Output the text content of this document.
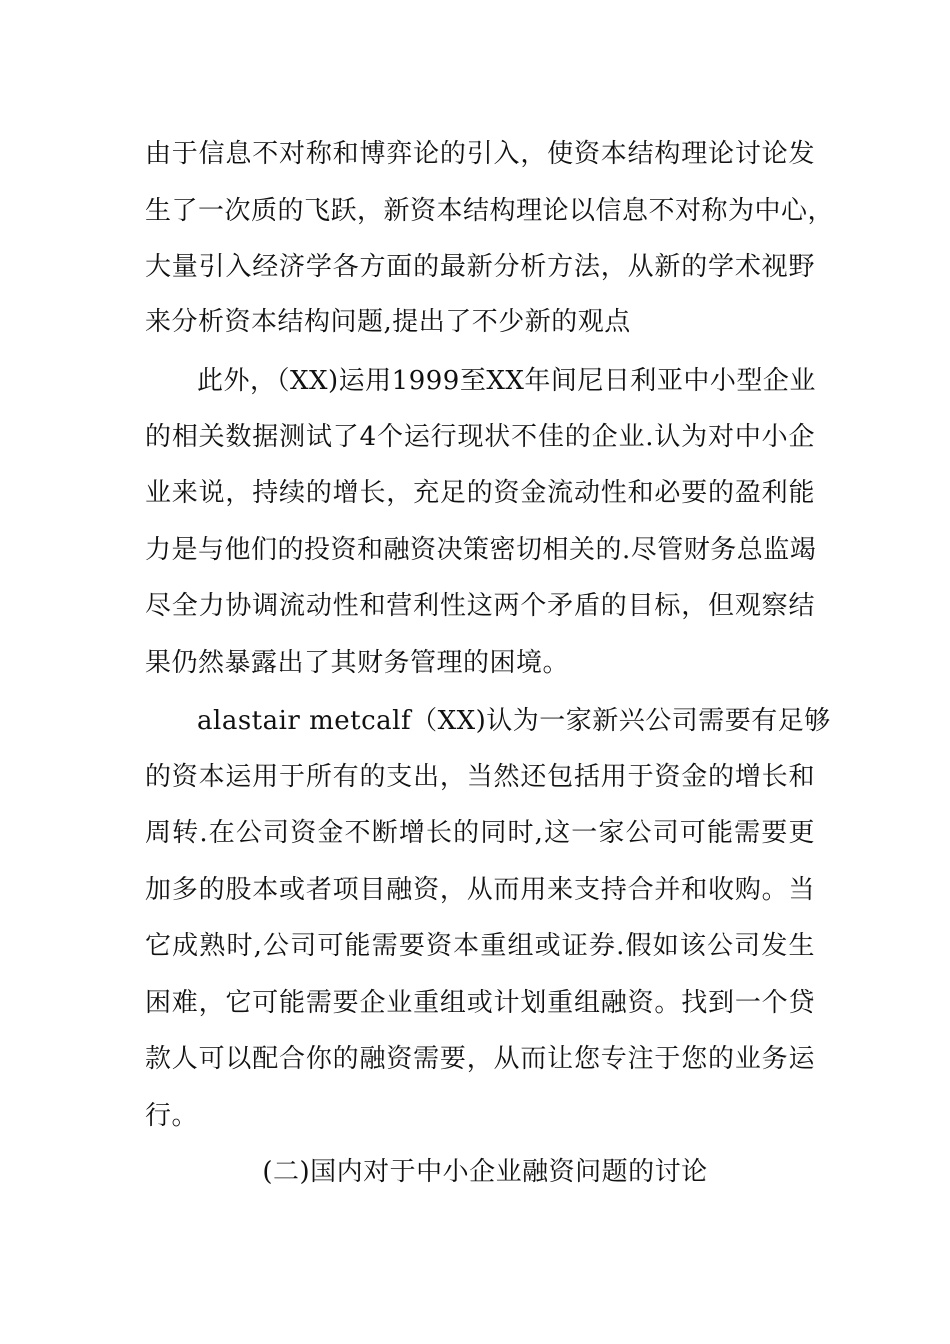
由于信息不对称和博弈论的引入，使资本结构理论讨论发
生了一次质的飞跃，新资本结构理论以信息不对称为中心，
大量引入经济学各方面的最新分析方法，从新的学术视野
来分析资本结构问题,提出了不少新的观点
此外，（XX)运用1999至XX年间尼日利亚中小型企业
的相关数据测试了4个运行现状不佳的企业.认为对中小企
业来说，持续的增长，充足的资金流动性和必要的盈利能
力是与他们的投资和融资决策密切相关的.尽管财务总监竭
尽全力协调流动性和营利性这两个矛盾的目标，但观察结
果仍然暴露出了其财务管理的困境。
alastair metcalf（XX)认为一家新兴公司需要有足够
的资本运用于所有的支出，当然还包括用于资金的增长和
周转.在公司资金不断增长的同时,这一家公司可能需要更
加多的股本或者项目融资，从而用来支持合并和收购。当
它成熟时,公司可能需要资本重组或证券.假如该公司发生
困难，它可能需要企业重组或计划重组融资。找到一个贷
款人可以配合你的融资需要，从而让您专注于您的业务运
行。
(二)国内对于中小企业融资问题的讨论
